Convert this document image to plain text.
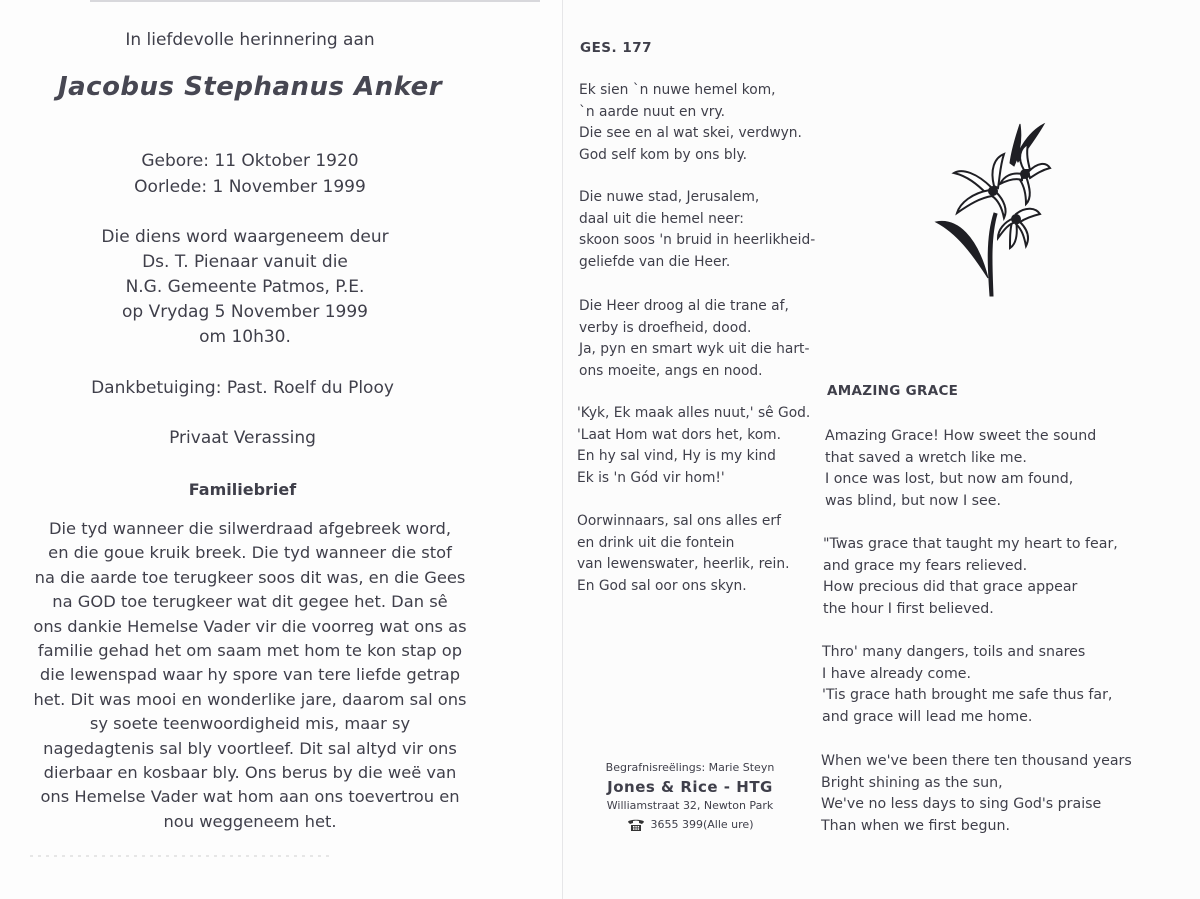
In liefdevolle herinnering aan
Jacobus Stephanus Anker
Gebore: 11 Oktober 1920
Oorlede: 1 November 1999
Die diens word waargeneem deur
Ds. T. Pienaar vanuit die
N.G. Gemeente Patmos, P.E.
op Vrydag 5 November 1999
om 10h30.
Dankbetuiging: Past. Roelf du Plooy
Privaat Verassing
Familiebrief
Die tyd wanneer die silwerdraad afgebreek word,
en die goue kruik breek. Die tyd wanneer die stof
na die aarde toe terugkeer soos dit was, en die Gees
na GOD toe terugkeer wat dit gegee het. Dan sê
ons dankie Hemelse Vader vir die voorreg wat ons as
familie gehad het om saam met hom te kon stap op
die lewenspad waar hy spore van tere liefde getrap
het. Dit was mooi en wonderlike jare, daarom sal ons
sy soete teenwoordigheid mis, maar sy
nagedagtenis sal bly voortleef. Dit sal altyd vir ons
dierbaar en kosbaar bly. Ons berus by die weë van
ons Hemelse Vader wat hom aan ons toevertrou en
nou weggeneem het.
GES. 177
Ek sien `n nuwe hemel kom,
`n aarde nuut en vry.
Die see en al wat skei, verdwyn.
God self kom by ons bly.
Die nuwe stad, Jerusalem,
daal uit die hemel neer:
skoon soos 'n bruid in heerlikheid-
geliefde van die Heer.
Die Heer droog al die trane af,
verby is droefheid, dood.
Ja, pyn en smart wyk uit die hart-
ons moeite, angs en nood.
'Kyk, Ek maak alles nuut,' sê God.
'Laat Hom wat dors het, kom.
En hy sal vind, Hy is my kind
Ek is 'n Gód vir hom!'
Oorwinnaars, sal ons alles erf
en drink uit die fontein
van lewenswater, heerlik, rein.
En God sal oor ons skyn.
AMAZING GRACE
Amazing Grace! How sweet the sound
that saved a wretch like me.
I once was lost, but now am found,
was blind, but now I see.
"Twas grace that taught my heart to fear,
and grace my fears relieved.
How precious did that grace appear
the hour I first believed.
Thro' many dangers, toils and snares
I have already come.
'Tis grace hath brought me safe thus far,
and grace will lead me home.
When we've been there ten thousand years
Bright shining as the sun,
We've no less days to sing God's praise
Than when we first begun.
Begrafnisreëlings: Marie Steyn
Jones & Rice - HTG
Williamstraat 32, Newton Park
3655 399(Alle ure)
